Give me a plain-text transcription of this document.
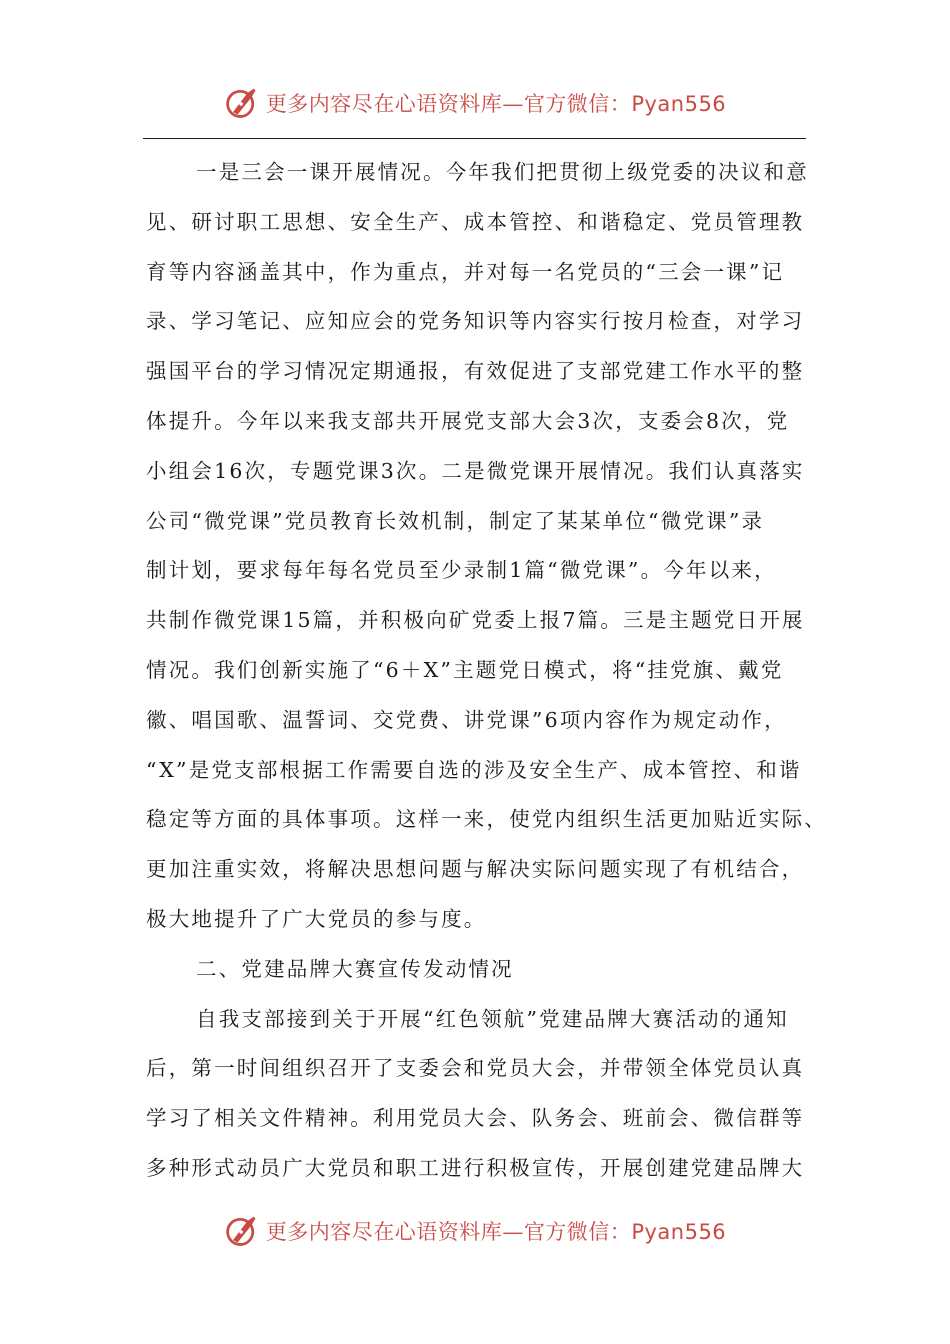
更多内容尽在心语资料库—官方微信：Pyan556
一是三会一课开展情况。今年我们把贯彻上级党委的决议和意
见、研讨职工思想、安全生产、成本管控、和谐稳定、党员管理教
育等内容涵盖其中，作为重点，并对每一名党员的“三会一课”记
录、学习笔记、应知应会的党务知识等内容实行按月检查，对学习
强国平台的学习情况定期通报，有效促进了支部党建工作水平的整
体提升。今年以来我支部共开展党支部大会3次，支委会8次，党
小组会16次，专题党课3次。二是微党课开展情况。我们认真落实
公司“微党课”党员教育长效机制，制定了某某单位“微党课”录
制计划，要求每年每名党员至少录制1篇“微党课”。今年以来，
共制作微党课15篇，并积极向矿党委上报7篇。三是主题党日开展
情况。我们创新实施了“6＋X”主题党日模式，将“挂党旗、戴党
徽、唱国歌、温誓词、交党费、讲党课”6项内容作为规定动作，
“X”是党支部根据工作需要自选的涉及安全生产、成本管控、和谐
稳定等方面的具体事项。这样一来，使党内组织生活更加贴近实际、
更加注重实效，将解决思想问题与解决实际问题实现了有机结合，
极大地提升了广大党员的参与度。
二、党建品牌大赛宣传发动情况
自我支部接到关于开展“红色领航”党建品牌大赛活动的通知
后，第一时间组织召开了支委会和党员大会，并带领全体党员认真
学习了相关文件精神。利用党员大会、队务会、班前会、微信群等
多种形式动员广大党员和职工进行积极宣传，开展创建党建品牌大
更多内容尽在心语资料库—官方微信：Pyan556
